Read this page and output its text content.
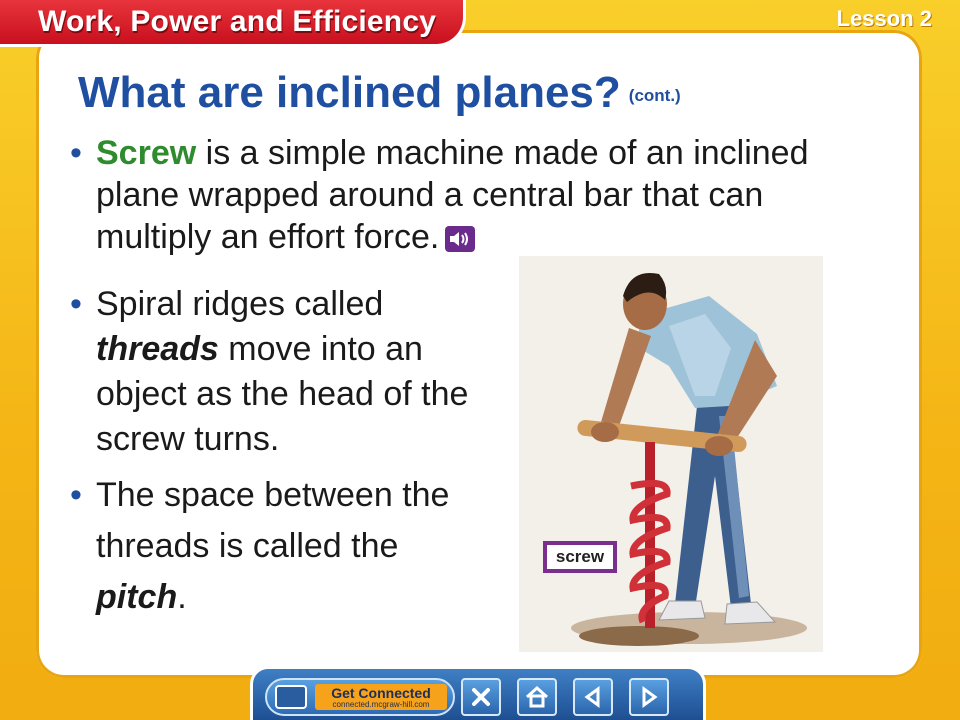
Work, Power and Efficiency	Lesson 2
What are inclined planes? (cont.)
• Screw is a simple machine made of an inclined plane wrapped around a central bar that can multiply an effort force.
• Spiral ridges called threads move into an object as the head of the screw turns.
• The space between the threads is called the pitch.
screw
Get Connected
connected.mcgraw-hill.com
